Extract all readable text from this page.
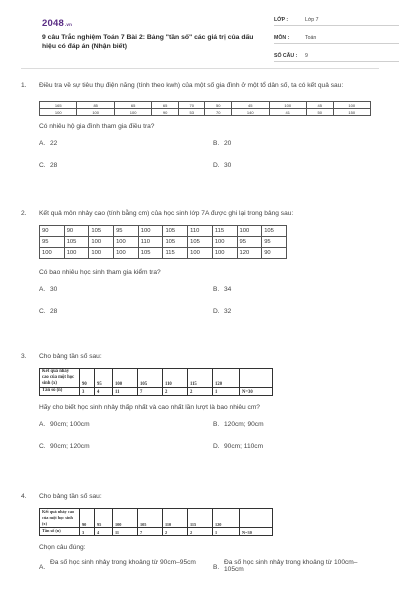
2048.vn
9 câu Trắc nghiệm Toán 7 Bài 2: Bảng "tần số" các giá trị của dấu hiệu có đáp án (Nhận biết)
LỚP :	Lớp 7
MÔN :	Toán
SỐ CÂU :	9
1.	Điều tra về sự tiêu thụ điện năng (tính theo kwh) của một số gia đình ở một tổ dân số, ta có kết quả sau:
165	85	65	65	70	50	45	100	45	100
100	100	100	90	53	70	140	41	50	150
Có nhiêu hộ gia đình tham gia điều tra?
A. 22	B. 20
C. 28	D. 30
2.	Kết quả môn nhảy cao (tính bằng cm) của học sinh lớp 7A được ghi lại trong bảng sau:
90	90	105	95	100	105	110	115	100	105
95	105	100	100	110	105	105	100	95	95
100	100	100	100	105	115	100	100	120	90
Có bao nhiêu học sinh tham gia kiểm tra?
A. 30	B. 34
C. 28	D. 32
3.	Cho bảng tần số sau:
Kết quả nhảy cao của một học sinh (x)	90	95	100	105	110	115	120	
Tần số (n)	3	4	11	7	2	2	1	N=30
Hãy cho biết học sinh nhảy thấp nhất và cao nhất lần lượt là bao nhiêu cm?
A. 90cm; 100cm	B. 120cm; 90cm
C. 90cm; 120cm	D. 90cm; 110cm
4.	Cho bảng tần số sau:
Kết quả nhảy cao của một học sinh (x)	90	95	100	105	110	115	120	
Tần số (n)	3	4	11	7	2	2	1	N=30
Chọn câu đúng:
A.
Đa số học sinh nhảy trong khoảng từ 90cm–95cm
B.
Đa số học sinh nhảy trong khoảng từ 100cm–105cm
